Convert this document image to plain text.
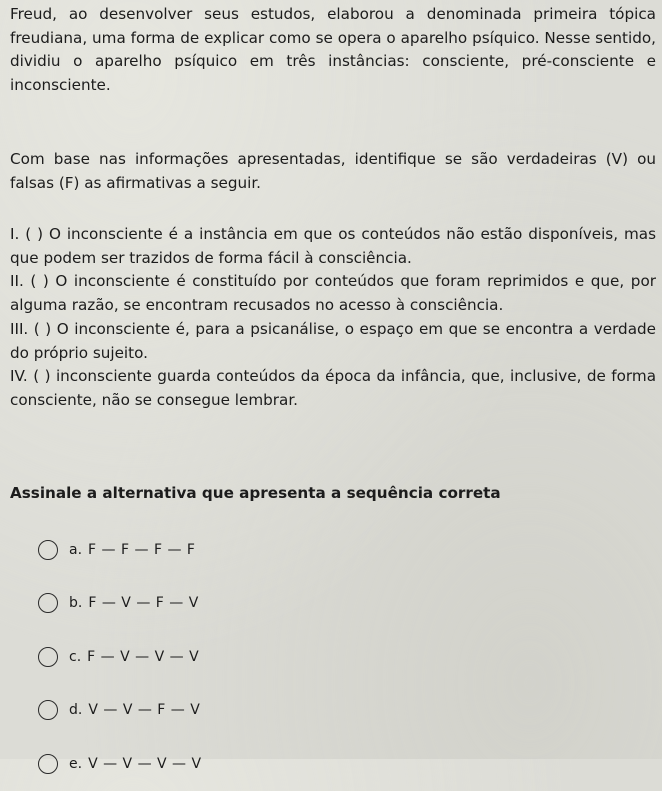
Freud, ao desenvolver seus estudos, elaborou a denominada primeira tópica freudiana, uma forma de explicar como se opera o aparelho psíquico. Nesse sentido, dividiu o aparelho psíquico em três instâncias: consciente, pré-consciente e inconsciente.

Com base nas informações apresentadas, identifique se são verdadeiras (V) ou falsas (F) as afirmativas a seguir.

I. ( ) O inconsciente é a instância em que os conteúdos não estão disponíveis, mas que podem ser trazidos de forma fácil à consciência.
II. ( ) O inconsciente é constituído por conteúdos que foram reprimidos e que, por alguma razão, se encontram recusados no acesso à consciência.
III. ( ) O inconsciente é, para a psicanálise, o espaço em que se encontra a verdade do próprio sujeito.
IV. ( ) inconsciente guarda conteúdos da época da infância, que, inclusive, de forma consciente, não se consegue lembrar.

Assinale a alternativa que apresenta a sequência correta

a. F — F — F — F
b. F — V — F — V
c. F — V — V — V
d. V — V — F — V
e. V — V — V — V
